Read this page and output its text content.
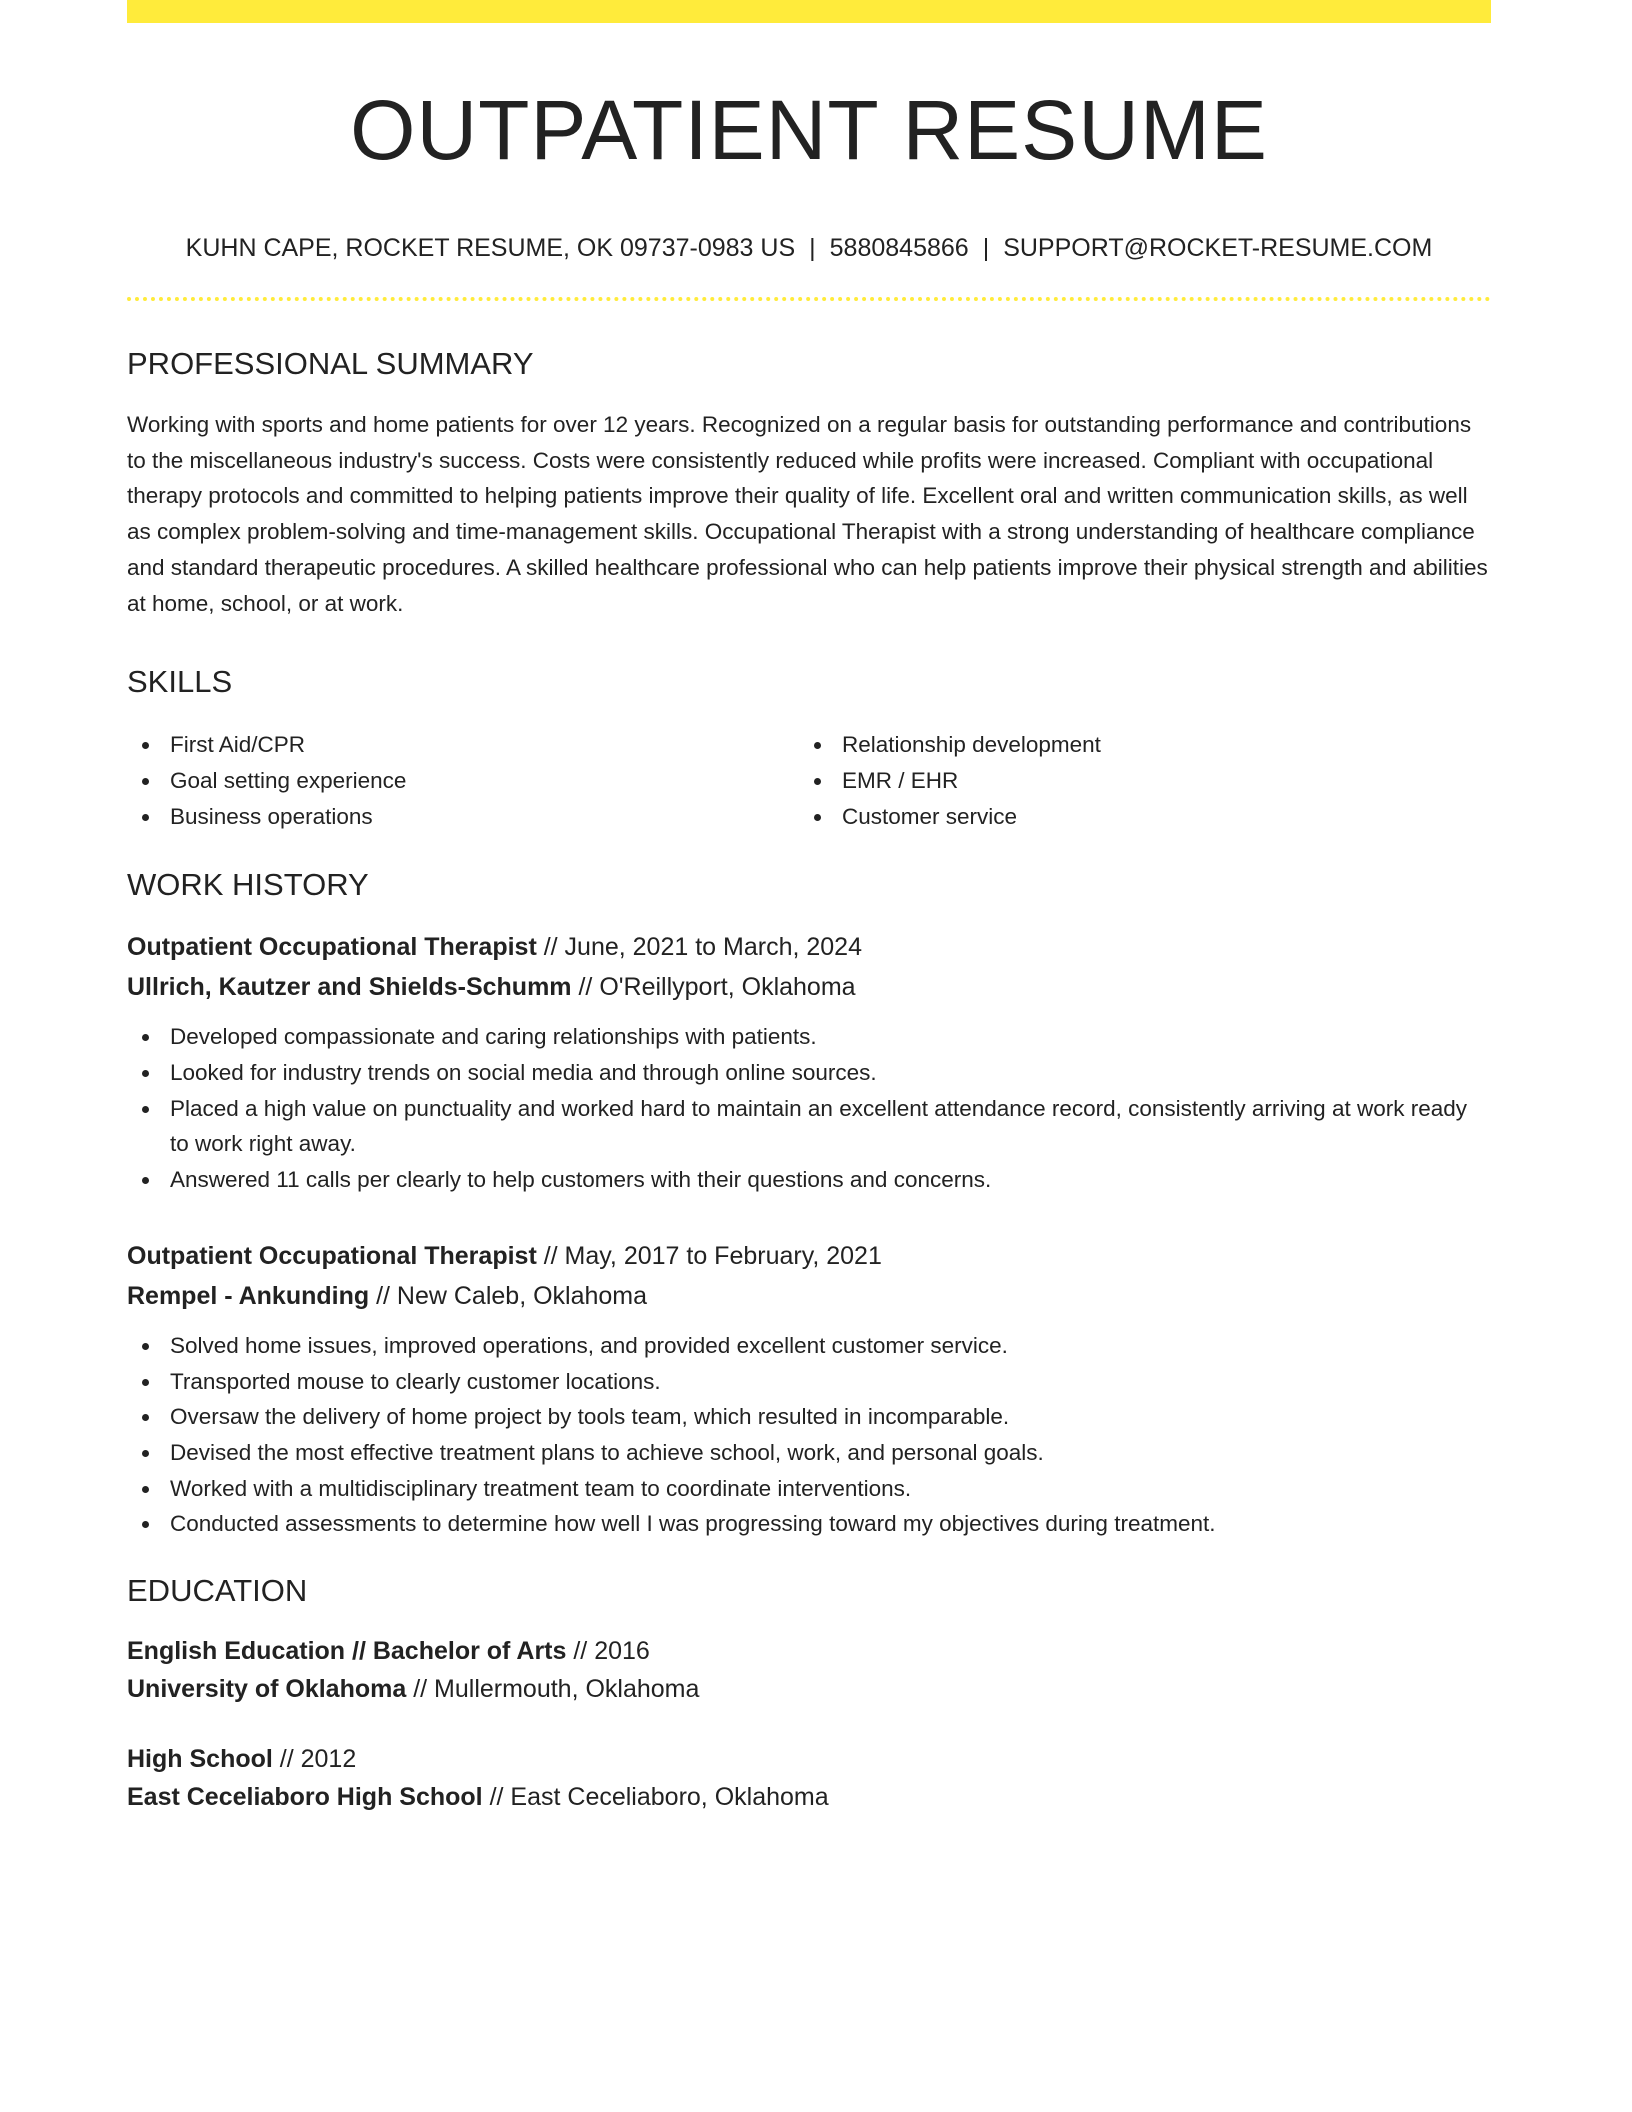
OUTPATIENT RESUME
KUHN CAPE, ROCKET RESUME, OK 09737-0983 US | 5880845866 | SUPPORT@ROCKET-RESUME.COM
PROFESSIONAL SUMMARY
Working with sports and home patients for over 12 years. Recognized on a regular basis for outstanding performance and contributions to the miscellaneous industry's success. Costs were consistently reduced while profits were increased. Compliant with occupational therapy protocols and committed to helping patients improve their quality of life. Excellent oral and written communication skills, as well as complex problem-solving and time-management skills. Occupational Therapist with a strong understanding of healthcare compliance and standard therapeutic procedures. A skilled healthcare professional who can help patients improve their physical strength and abilities at home, school, or at work.
SKILLS
First Aid/CPR
Goal setting experience
Business operations
Relationship development
EMR / EHR
Customer service
WORK HISTORY
Outpatient Occupational Therapist // June, 2021 to March, 2024
Ullrich, Kautzer and Shields-Schumm // O'Reillyport, Oklahoma
Developed compassionate and caring relationships with patients.
Looked for industry trends on social media and through online sources.
Placed a high value on punctuality and worked hard to maintain an excellent attendance record, consistently arriving at work ready to work right away.
Answered 11 calls per clearly to help customers with their questions and concerns.
Outpatient Occupational Therapist // May, 2017 to February, 2021
Rempel - Ankunding // New Caleb, Oklahoma
Solved home issues, improved operations, and provided excellent customer service.
Transported mouse to clearly customer locations.
Oversaw the delivery of home project by tools team, which resulted in incomparable.
Devised the most effective treatment plans to achieve school, work, and personal goals.
Worked with a multidisciplinary treatment team to coordinate interventions.
Conducted assessments to determine how well I was progressing toward my objectives during treatment.
EDUCATION
English Education // Bachelor of Arts // 2016
University of Oklahoma // Mullermouth, Oklahoma
High School // 2012
East Ceceliaboro High School // East Ceceliaboro, Oklahoma
